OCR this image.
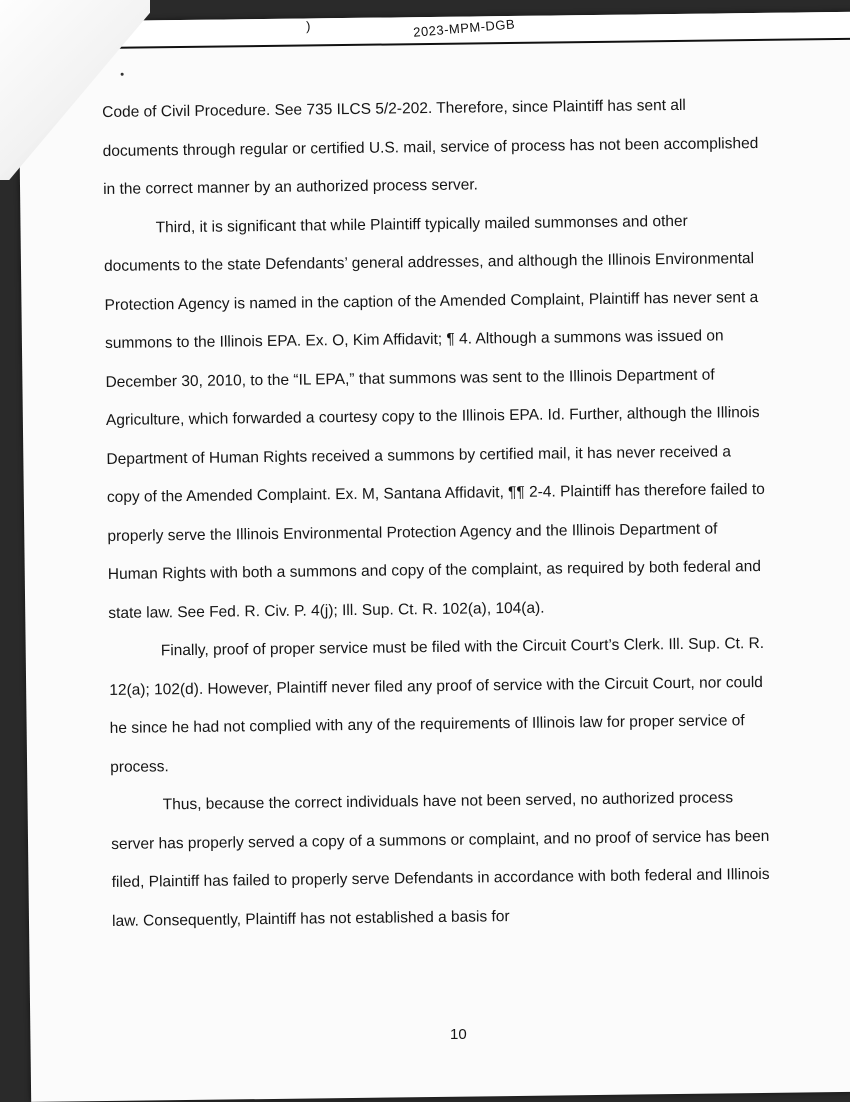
)	2023-MPM-DGB

Code of Civil Procedure. See 735 ILCS 5/2-202. Therefore, since Plaintiff has sent all documents through regular or certified U.S. mail, service of process has not been accomplished in the correct manner by an authorized process server.

Third, it is significant that while Plaintiff typically mailed summonses and other documents to the state Defendants’ general addresses, and although the Illinois Environmental Protection Agency is named in the caption of the Amended Complaint, Plaintiff has never sent a summons to the Illinois EPA. Ex. O, Kim Affidavit; ¶ 4. Although a summons was issued on December 30, 2010, to the “IL EPA,” that summons was sent to the Illinois Department of Agriculture, which forwarded a courtesy copy to the Illinois EPA. Id. Further, although the Illinois Department of Human Rights received a summons by certified mail, it has never received a copy of the Amended Complaint. Ex. M, Santana Affidavit, ¶¶ 2-4. Plaintiff has therefore failed to properly serve the Illinois Environmental Protection Agency and the Illinois Department of Human Rights with both a summons and copy of the complaint, as required by both federal and state law. See Fed. R. Civ. P. 4(j); Ill. Sup. Ct. R. 102(a), 104(a).

Finally, proof of proper service must be filed with the Circuit Court’s Clerk. Ill. Sup. Ct. R. 12(a); 102(d). However, Plaintiff never filed any proof of service with the Circuit Court, nor could he since he had not complied with any of the requirements of Illinois law for proper service of process.

Thus, because the correct individuals have not been served, no authorized process server has properly served a copy of a summons or complaint, and no proof of service has been filed, Plaintiff has failed to properly serve Defendants in accordance with both federal and Illinois law. Consequently, Plaintiff has not established a basis for

10
